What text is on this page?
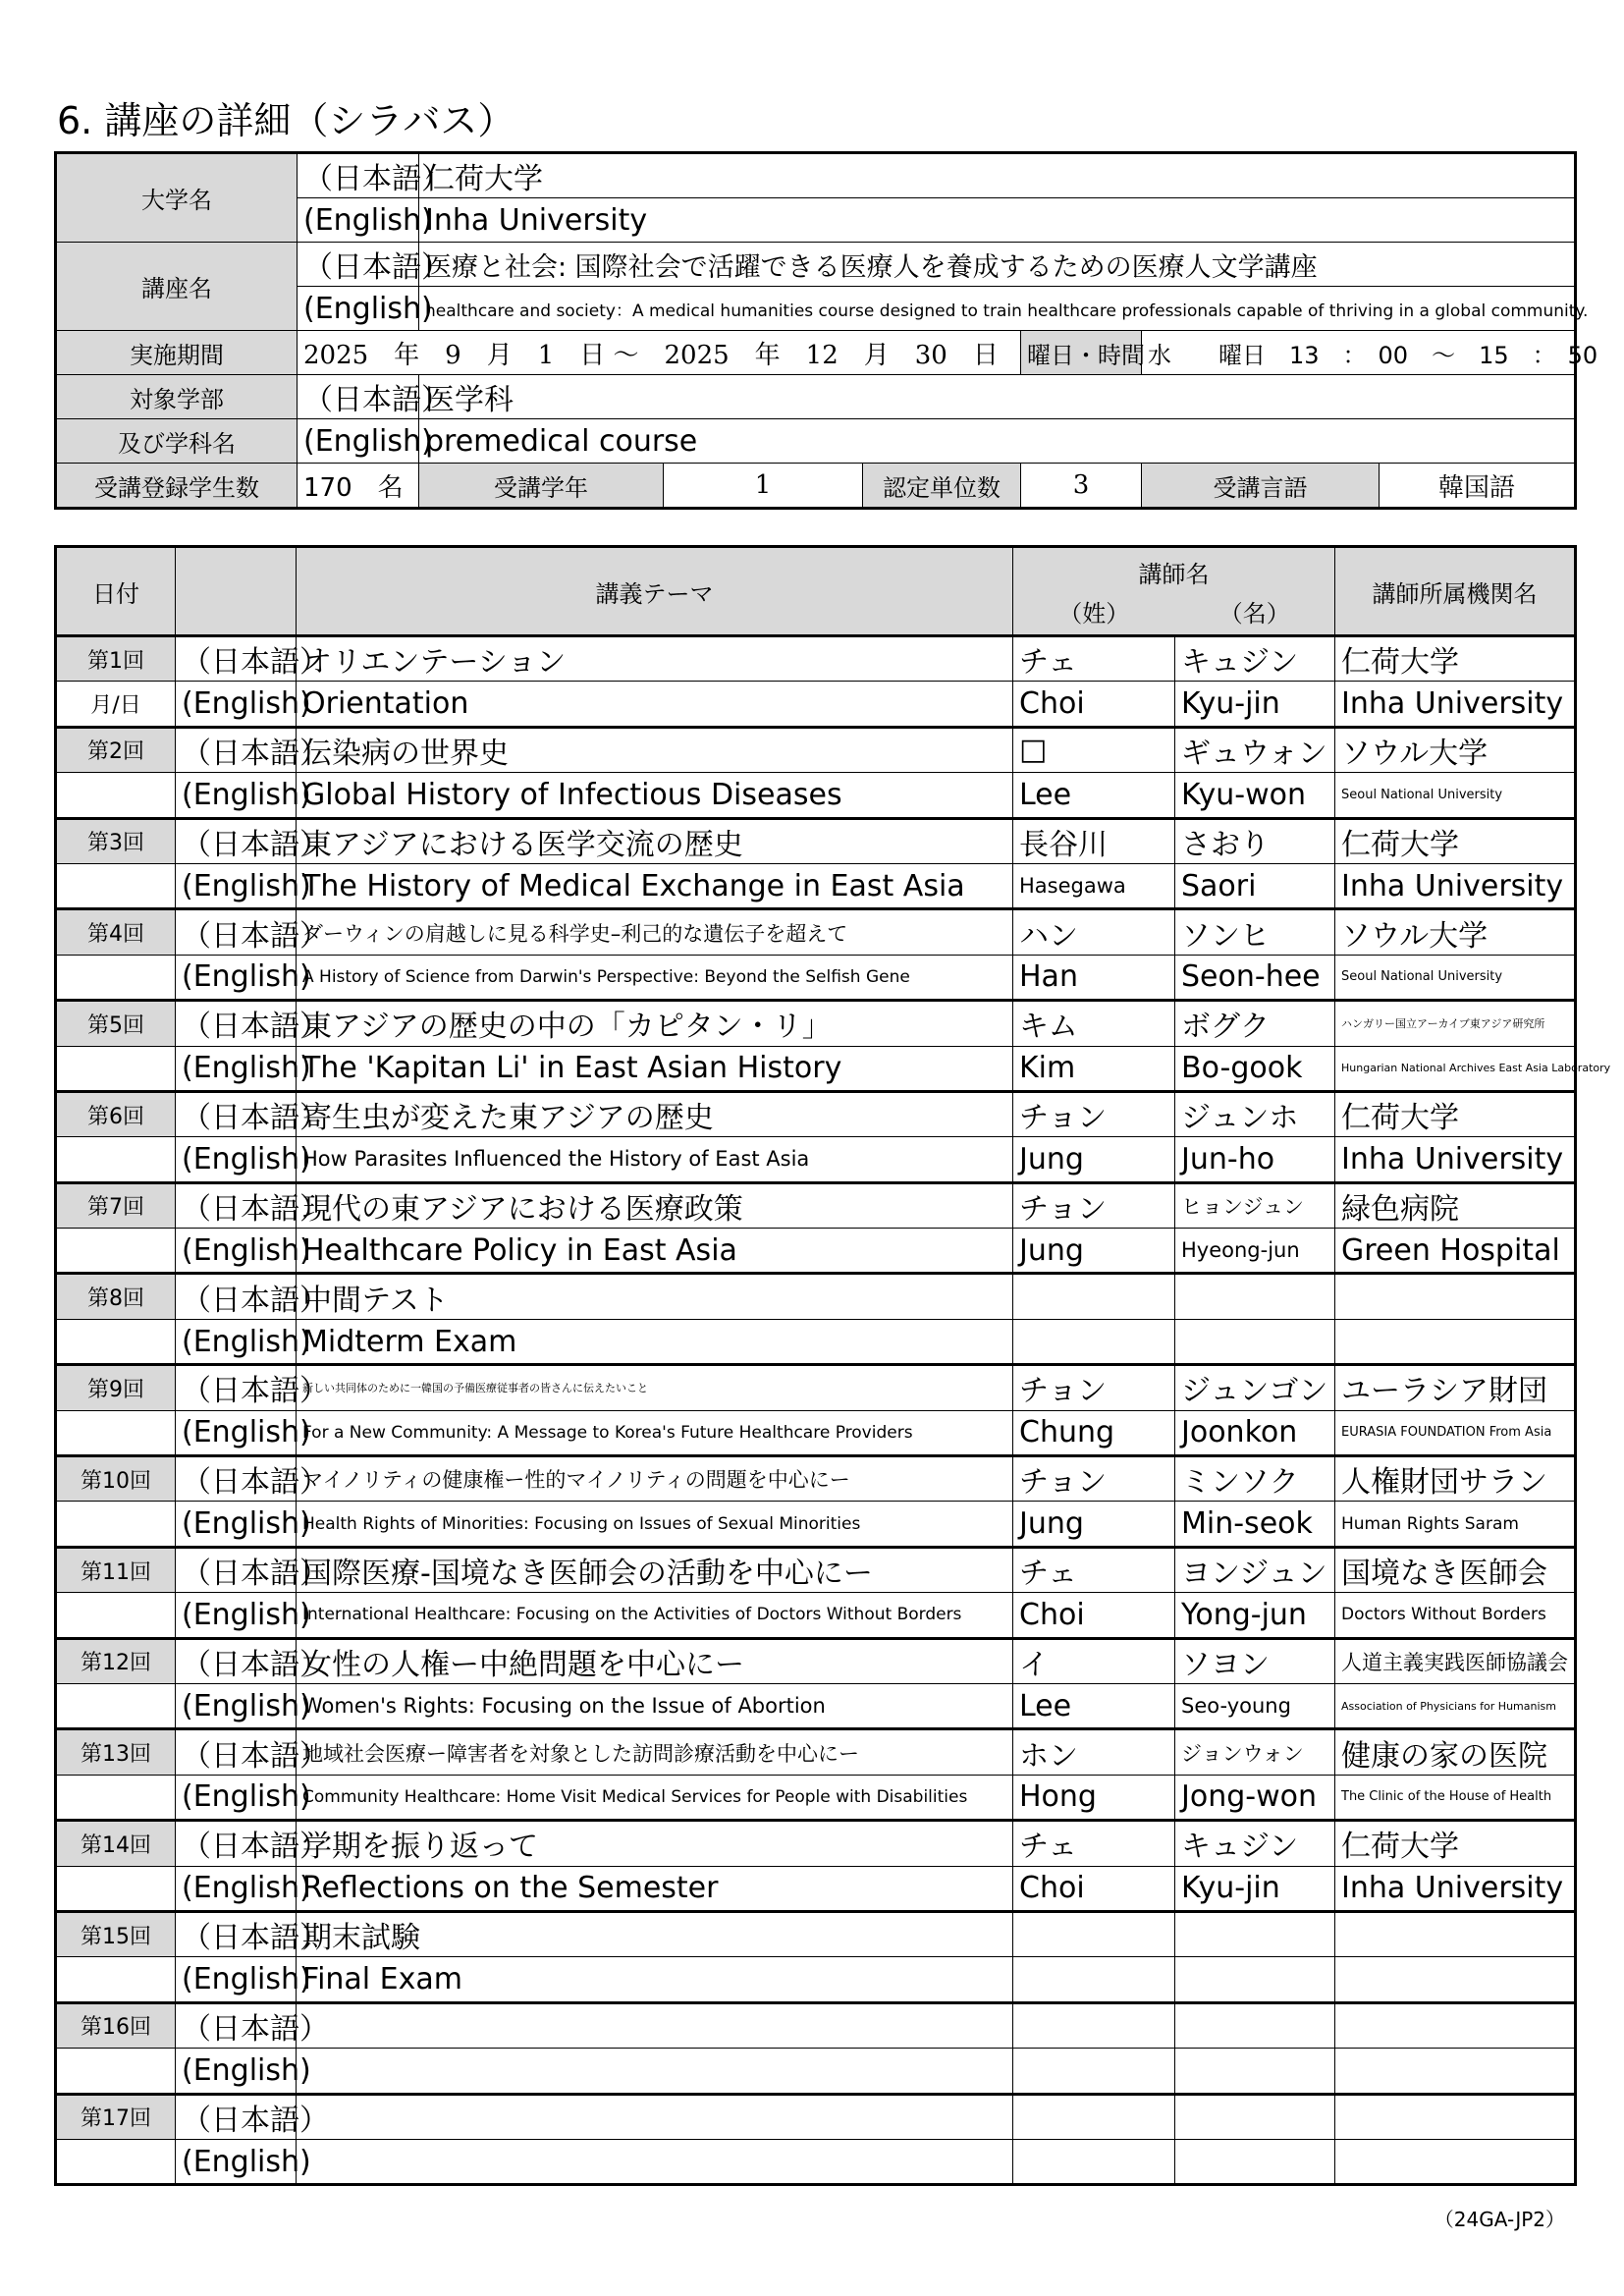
6. 講座の詳細（シラバス）
大学名	（日本語）	仁荷大学					
	(English)	Inha University					
講座名	（日本語）	医療と社会: 国際社会で活躍できる医療人を養成するための医療人文学講座					
	(English)	healthcare and society：A medical humanities course designed to train healthcare professionals capable of thriving in a global community.					
実施期間	2025　年　9　月　1　日 ～　2025　年　12　月　30　日				曜日・時間	水　　曜日　13　：　00　～　15　：　50	
対象学部	（日本語）	医学科					
及び学科名	(English)	premedical course					
受講登録学生数	170　名	受講学年	1	認定単位数	3	受講言語	韓国語
日付		講義テーマ	講師名		講師所属機関名
			（姓）	（名）	
第1回	（日本語）	オリエンテーション	チェ	キュジン	仁荷大学
月/日	(English)	Orientation	Choi	Kyu-jin	Inha University
第2回	（日本語）	伝染病の世界史	□	ギュウォン	ソウル大学
	(English)	Global History of Infectious Diseases	Lee	Kyu-won	Seoul National University
第3回	（日本語）	東アジアにおける医学交流の歴史	長谷川	さおり	仁荷大学
	(English)	The History of Medical Exchange in East Asia	Hasegawa	Saori	Inha University
第4回	（日本語）	ダーウィンの肩越しに見る科学史–利己的な遺伝子を超えて	ハン	ソンヒ	ソウル大学
	(English)	A History of Science from Darwin's Perspective: Beyond the Selfish Gene	Han	Seon-hee	Seoul National University
第5回	（日本語）	東アジアの歴史の中の「カピタン・リ」	キム	ボグク	ハンガリー国立アーカイブ東アジア研究所
	(English)	The 'Kapitan Li' in East Asian History	Kim	Bo-gook	Hungarian National Archives East Asia Laboratory
第6回	（日本語）	寄生虫が変えた東アジアの歴史	チョン	ジュンホ	仁荷大学
	(English)	How Parasites Influenced the History of East Asia	Jung	Jun-ho	Inha University
第7回	（日本語）	現代の東アジアにおける医療政策	チョン	ヒョンジュン	緑色病院
	(English)	Healthcare Policy in East Asia	Jung	Hyeong-jun	Green Hospital
第8回	（日本語）	中間テスト			
	(English)	Midterm Exam			
第9回	（日本語）	新しい共同体のために一韓国の予備医療従事者の皆さんに伝えたいこと	チョン	ジュンゴン	ユーラシア財団
	(English)	For a New Community: A Message to Korea's Future Healthcare Providers	Chung	Joonkon	EURASIA FOUNDATION From Asia
第10回	（日本語）	マイノリティの健康権ー性的マイノリティの問題を中心にー	チョン	ミンソク	人権財団サラン
	(English)	Health Rights of Minorities: Focusing on Issues of Sexual Minorities	Jung	Min-seok	Human Rights Saram
第11回	（日本語）	国際医療-国境なき医師会の活動を中心にー	チェ	ヨンジュン	国境なき医師会
	(English)	International Healthcare: Focusing on the Activities of Doctors Without Borders	Choi	Yong-jun	Doctors Without Borders
第12回	（日本語）	女性の人権ー中絶問題を中心にー	イ	ソヨン	人道主義実践医師協議会
	(English)	Women's Rights: Focusing on the Issue of Abortion	Lee	Seo-young	Association of Physicians for Humanism
第13回	（日本語）	地域社会医療ー障害者を対象とした訪問診療活動を中心にー	ホン	ジョンウォン	健康の家の医院
	(English)	Community Healthcare: Home Visit Medical Services for People with Disabilities	Hong	Jong-won	The Clinic of the House of Health
第14回	（日本語）	学期を振り返って	チェ	キュジン	仁荷大学
	(English)	Reflections on the Semester	Choi	Kyu-jin	Inha University
第15回	（日本語）	期末試験			
	(English)	Final Exam			
第16回	（日本語）				
	(English)				
第17回	（日本語）				
	(English)				
（24GA-JP2）
